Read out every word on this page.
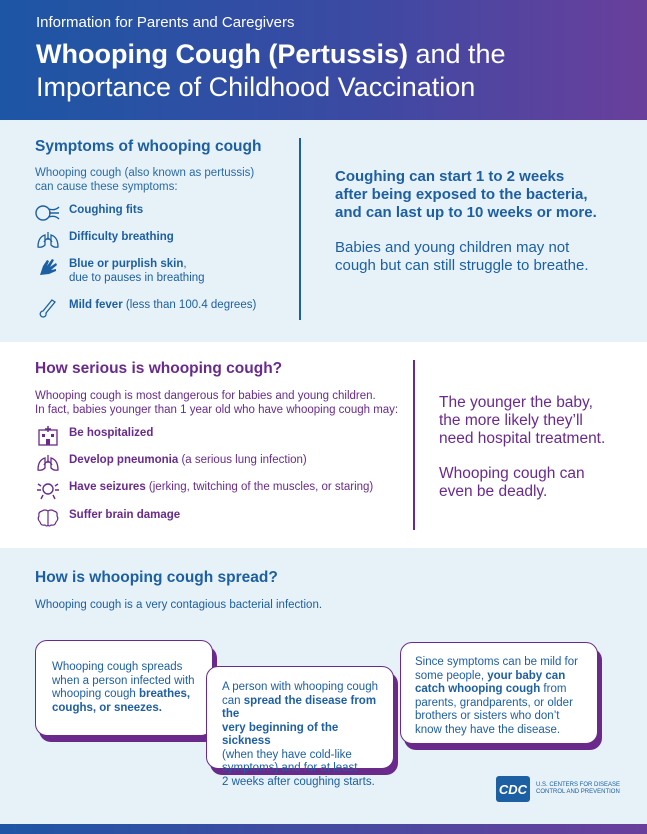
Information for Parents and Caregivers
Whooping Cough (Pertussis) and the
Importance of Childhood Vaccination
Symptoms of whooping cough
Whooping cough (also known as pertussis)
can cause these symptoms:
Coughing fits
Difficulty breathing
Blue or purplish skin,
due to pauses in breathing
Mild fever (less than 100.4 degrees)
Coughing can start 1 to 2 weeks
after being exposed to the bacteria,
and can last up to 10 weeks or more.
Babies and young children may not
cough but can still struggle to breathe.
How serious is whooping cough?
Whooping cough is most dangerous for babies and young children.
In fact, babies younger than 1 year old who have whooping cough may:
Be hospitalized
Develop pneumonia (a serious lung infection)
Have seizures (jerking, twitching of the muscles, or staring)
Suffer brain damage
The younger the baby,
the more likely they’ll
need hospital treatment.
Whooping cough can
even be deadly.
How is whooping cough spread?
Whooping cough is a very contagious bacterial infection.
Whooping cough spreads
when a person infected with
whooping cough breathes,
coughs, or sneezes.
A person with whooping cough
can spread the disease from the
very beginning of the sickness
(when they have cold-like
symptoms) and for at least
2 weeks after coughing starts.
Since symptoms can be mild for
some people, your baby can
catch whooping cough from
parents, grandparents, or older
brothers or sisters who don’t
know they have the disease.
CDC	U.S. CENTERS FOR DISEASE
CONTROL AND PREVENTION
